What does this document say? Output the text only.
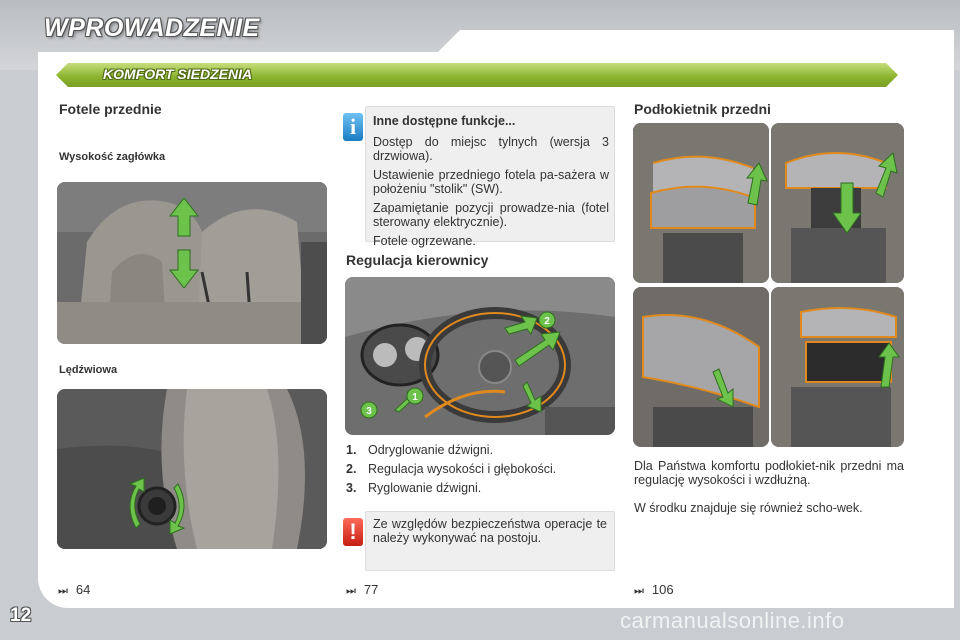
WPROWADZENIE
KOMFORT SIEDZENIA
Fotele przednie
Wysokość zagłówka
Lędźwiowa
⏭ 64
i	Inne dostępne funkcje...

Dostęp do miejsc tylnych (wersja 3 drzwiowa).

Ustawienie przedniego fotela pa-sażera w położeniu "stolik" (SW).

Zapamiętanie pozycji prowadze-nia (fotel sterowany elektrycznie).

Fotele ogrzewane.

Regulacja kierownicy
2
1
3
1. Odryglowanie dźwigni.
2. Regulacja wysokości i głębokości.
3. Ryglowanie dźwigni.
!	Ze względów bezpieczeństwa operacje te należy wykonywać na postoju.
⏭ 77
Podłokietnik przedni
Dla Państwa komfortu podłokiet-nik przedni ma regulację wysokości i wzdłużną.
W środku znajduje się również scho-wek.
⏭ 106
12	carmanualsonline.info
